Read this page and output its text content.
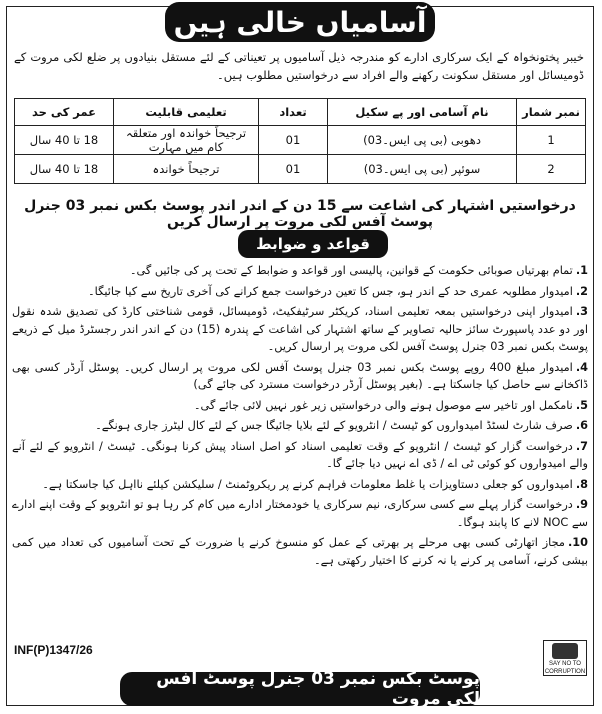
آسامیاں خالی ہیں
خیبر پختونخواہ کے ایک سرکاری ادارے کو مندرجہ ذیل آسامیوں پر تعیناتی کے لئے مستقل بنیادوں پر ضلع لکی مروت کے ڈومیسائل اور مستقل سکونت رکھنے والے افراد سے درخواستیں مطلوب ہیں۔
نمبر شمار	نام آسامی اور پے سکیل	تعداد	تعلیمی قابلیت	عمر کی حد
1	دھوبی (بی پی ایس۔03)	01	ترجیحاً خواندہ اور متعلقہ کام میں مہارت	18 تا 40 سال
2	سوئپر (بی پی ایس۔03)	01	ترجیحاً خواندہ	18 تا 40 سال
درخواستیں اشتہار کی اشاعت سے 15 دن کے اندر اندر پوسٹ بکس نمبر 03 جنرل پوسٹ آفس لکی مروت پر ارسال کریں
قواعد و ضوابط
1.تمام بھرتیاں صوبائی حکومت کے قوانین، پالیسی اور قواعد و ضوابط کے تحت پر کی جائیں گی۔
2.امیدوار مطلوبہ عمری حد کے اندر ہو، جس کا تعین درخواست جمع کرانے کی آخری تاریخ سے کیا جائیگا۔
3.امیدوار اپنی درخواستیں بمعہ تعلیمی اسناد، کریکٹر سرٹیفکیٹ، ڈومیسائل، قومی شناختی کارڈ کی تصدیق شدہ نقول اور دو عدد پاسپورٹ سائز حالیہ تصاویر کے ساتھ اشتہار کی اشاعت کے پندرہ (15) دن کے اندر اندر رجسٹرڈ میل کے ذریعے پوسٹ بکس نمبر 03 جنرل پوسٹ آفس لکی مروت پر ارسال کریں۔
4.امیدوار مبلغ 400 روپے پوسٹ بکس نمبر 03 جنرل پوسٹ آفس لکی مروت پر ارسال کریں۔ پوسٹل آرڈر کسی بھی ڈاکخانے سے حاصل کیا جاسکتا ہے۔ (بغیر پوسٹل آرڈر درخواست مسترد کی جائے گی)
5.نامکمل اور تاخیر سے موصول ہونے والی درخواستیں زیر غور نہیں لائی جائے گی۔
6.صرف شارٹ لسٹڈ امیدواروں کو ٹیسٹ / انٹرویو کے لئے بلایا جائیگا جس کے لئے کال لیٹرز جاری ہونگے۔
7.درخواست گزار کو ٹیسٹ / انٹرویو کے وقت تعلیمی اسناد کو اصل اسناد پیش کرنا ہونگی۔ ٹیسٹ / انٹرویو کے لئے آنے والے امیدواروں کو کوئی ٹی اے / ڈی اے نہیں دیا جائے گا۔
8.امیدواروں کو جعلی دستاویزات یا غلط معلومات فراہم کرنے پر ریکروٹمنٹ / سلیکشن کیلئے نااہل کیا جاسکتا ہے۔
9.درخواست گزار پہلے سے کسی سرکاری، نیم سرکاری یا خودمختار ادارے میں کام کر رہا ہو تو انٹرویو کے وقت اپنے ادارے سے NOC لانے کا پابند ہوگا۔
10.مجاز اتھارٹی کسی بھی مرحلے پر بھرتی کے عمل کو منسوخ کرنے یا ضرورت کے تحت آسامیوں کی تعداد میں کمی بیشی کرنے، آسامی پر کرنے یا نہ کرنے کا اختیار رکھتی ہے۔
INF(P)1347/26
SAY NO TO CORRUPTION
پوسٹ بکس نمبر 03 جنرل پوسٹ آفس لکی مروت
